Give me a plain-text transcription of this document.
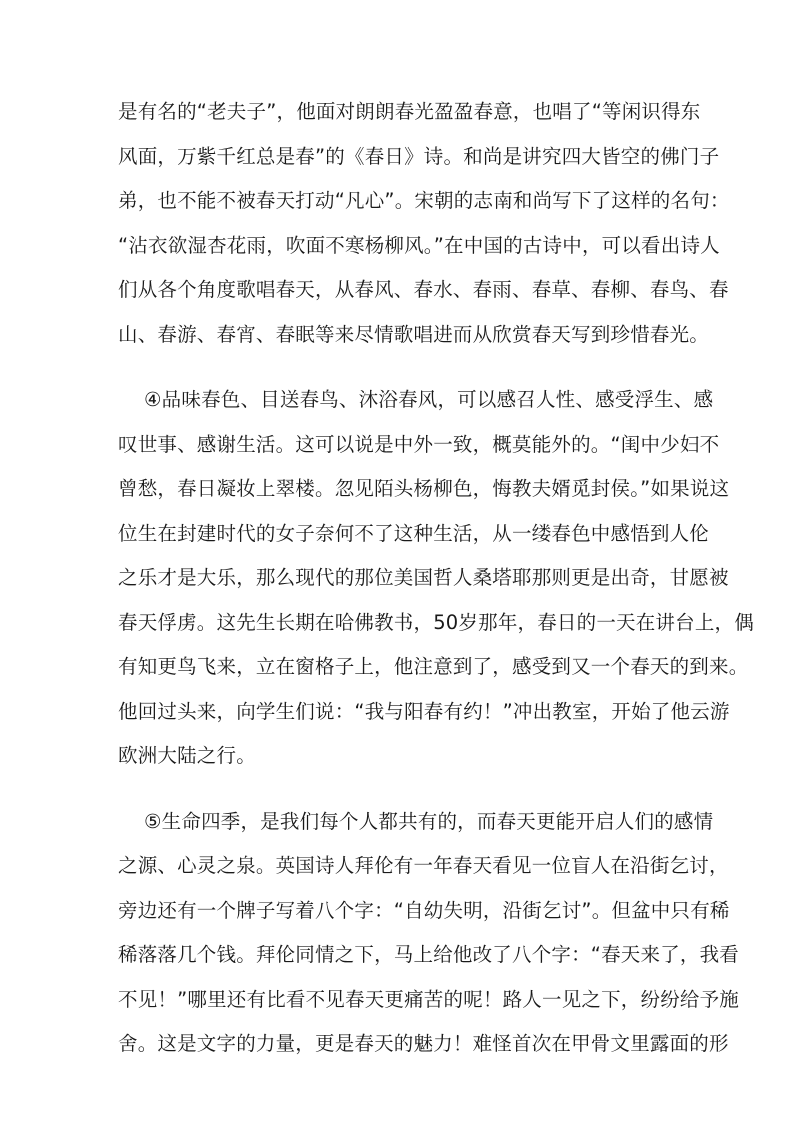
是有名的“老夫子”，他面对朗朗春光盈盈春意，也唱了“等闲识得东
风面，万紫千红总是春”的《春日》诗。和尚是讲究四大皆空的佛门子
弟，也不能不被春天打动“凡心”。宋朝的志南和尚写下了这样的名句：
“沾衣欲湿杏花雨，吹面不寒杨柳风。”在中国的古诗中，可以看出诗人
们从各个角度歌唱春天，从春风、春水、春雨、春草、春柳、春鸟、春
山、春游、春宵、春眠等来尽情歌唱进而从欣赏春天写到珍惜春光。
④品味春色、目送春鸟、沐浴春风，可以感召人性、感受浮生、感
叹世事、感谢生活。这可以说是中外一致，概莫能外的。“闺中少妇不
曾愁，春日凝妆上翠楼。忽见陌头杨柳色，悔教夫婿觅封侯。”如果说这
位生在封建时代的女子奈何不了这种生活，从一缕春色中感悟到人伦
之乐才是大乐，那么现代的那位美国哲人桑塔耶那则更是出奇，甘愿被
春天俘虏。这先生长期在哈佛教书，50岁那年，春日的一天在讲台上，偶
有知更鸟飞来，立在窗格子上，他注意到了，感受到又一个春天的到来。
他回过头来，向学生们说：“我与阳春有约！”冲出教室，开始了他云游
欧洲大陆之行。
⑤生命四季，是我们每个人都共有的，而春天更能开启人们的感情
之源、心灵之泉。英国诗人拜伦有一年春天看见一位盲人在沿街乞讨，
旁边还有一个牌子写着八个字：“自幼失明，沿街乞讨”。但盆中只有稀
稀落落几个钱。拜伦同情之下，马上给他改了八个字：“春天来了，我看
不见！”哪里还有比看不见春天更痛苦的呢！路人一见之下，纷纷给予施
舍。这是文字的力量，更是春天的魅力！难怪首次在甲骨文里露面的形
